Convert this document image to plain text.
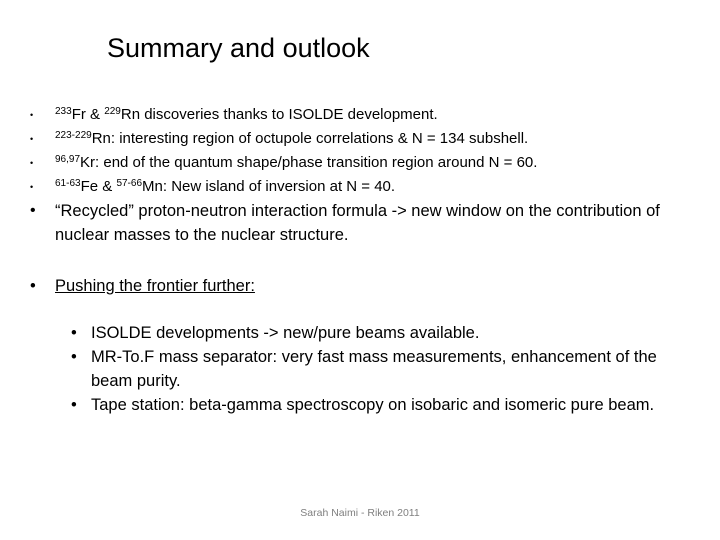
Summary and outlook
• $^{233}$Fr & $^{229}$Rn discoveries thanks to ISOLDE development.
• $^{223-229}$Rn: interesting region of octupole correlations & N = 134 subshell.
• $^{96,97}$Kr: end of the quantum shape/phase transition region around N = 60.
• $^{61-63}$Fe & $^{57-66}$Mn: New island of inversion at N = 40.
• “Recycled” proton-neutron interaction formula -> new window on the contribution of nuclear masses to the nuclear structure.
• Pushing the frontier further:
• ISOLDE developments -> new/pure beams available.
• MR-To.F mass separator: very fast mass measurements, enhancement of the beam purity.
• Tape station: beta-gamma spectroscopy on isobaric and isomeric pure beam.
Sarah Naimi - Riken 2011
